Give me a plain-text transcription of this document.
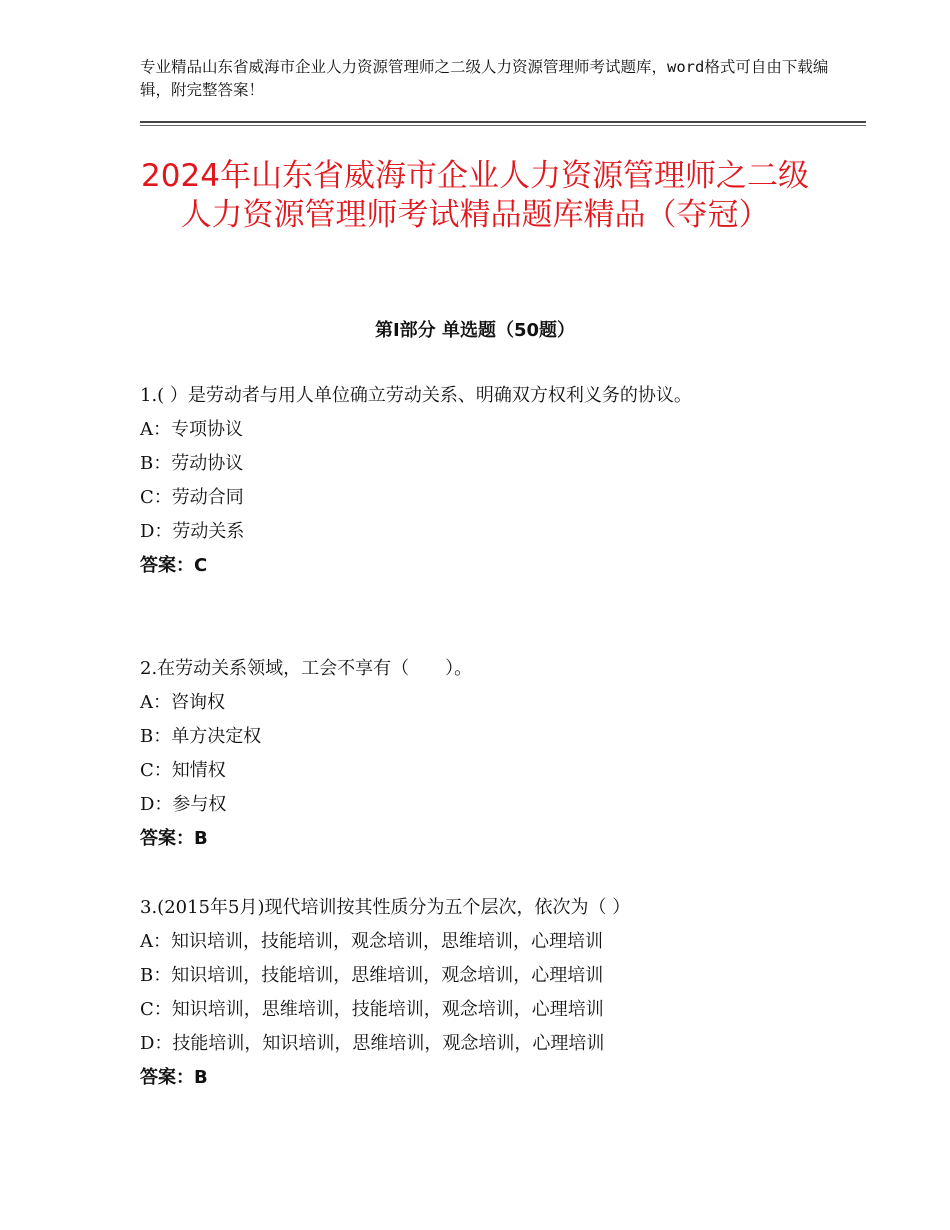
专业精品山东省威海市企业人力资源管理师之二级人力资源管理师考试题库，word格式可自由下载编辑，附完整答案！
2024年山东省威海市企业人力资源管理师之二级人力资源管理师考试精品题库精品（夺冠）
第Ⅰ部分 单选题（50题）
1.( ）是劳动者与用人单位确立劳动关系、明确双方权利义务的协议。
A：专项协议
B：劳动协议
C：劳动合同
D：劳动关系
答案：C
2.在劳动关系领域，工会不享有（　　）。
A：咨询权
B：单方决定权
C：知情权
D：参与权
答案：B
3.(2015年5月)现代培训按其性质分为五个层次，依次为（ ）
A：知识培训，技能培训，观念培训，思维培训，心理培训
B：知识培训，技能培训，思维培训，观念培训，心理培训
C：知识培训，思维培训，技能培训，观念培训，心理培训
D：技能培训，知识培训，思维培训，观念培训，心理培训
答案：B
